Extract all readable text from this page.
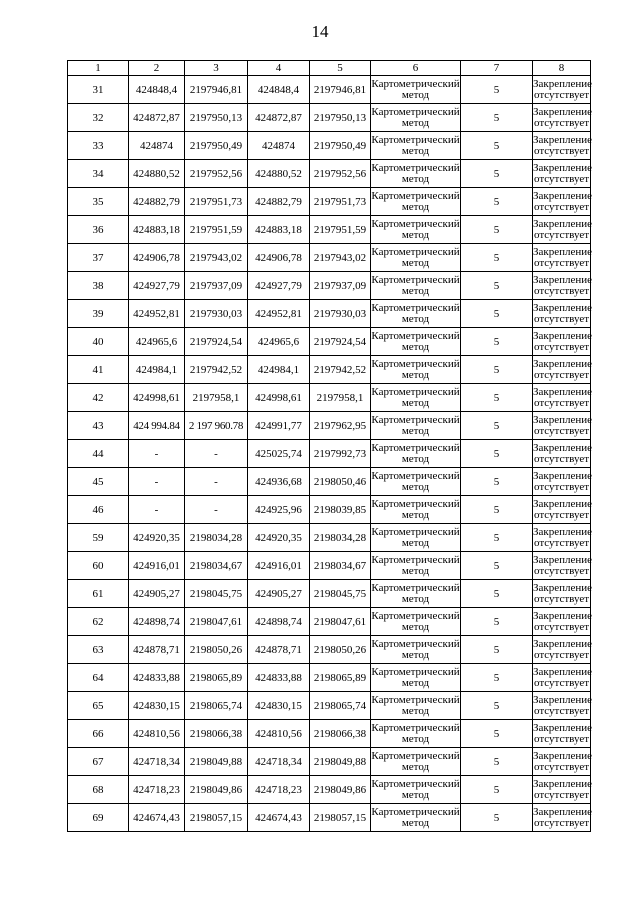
14
1	2	3	4	5	6	7	8
31	424848,4	2197946,81	424848,4	2197946,81	Картометрический метод	5	Закрепление отсутствует
32	424872,87	2197950,13	424872,87	2197950,13	Картометрический метод	5	Закрепление отсутствует
33	424874	2197950,49	424874	2197950,49	Картометрический метод	5	Закрепление отсутствует
34	424880,52	2197952,56	424880,52	2197952,56	Картометрический метод	5	Закрепление отсутствует
35	424882,79	2197951,73	424882,79	2197951,73	Картометрический метод	5	Закрепление отсутствует
36	424883,18	2197951,59	424883,18	2197951,59	Картометрический метод	5	Закрепление отсутствует
37	424906,78	2197943,02	424906,78	2197943,02	Картометрический метод	5	Закрепление отсутствует
38	424927,79	2197937,09	424927,79	2197937,09	Картометрический метод	5	Закрепление отсутствует
39	424952,81	2197930,03	424952,81	2197930,03	Картометрический метод	5	Закрепление отсутствует
40	424965,6	2197924,54	424965,6	2197924,54	Картометрический метод	5	Закрепление отсутствует
41	424984,1	2197942,52	424984,1	2197942,52	Картометрический метод	5	Закрепление отсутствует
42	424998,61	2197958,1	424998,61	2197958,1	Картометрический метод	5	Закрепление отсутствует
43	424 994.84	2 197 960.78	424991,77	2197962,95	Картометрический метод	5	Закрепление отсутствует
44	-	-	425025,74	2197992,73	Картометрический метод	5	Закрепление отсутствует
45	-	-	424936,68	2198050,46	Картометрический метод	5	Закрепление отсутствует
46	-	-	424925,96	2198039,85	Картометрический метод	5	Закрепление отсутствует
59	424920,35	2198034,28	424920,35	2198034,28	Картометрический метод	5	Закрепление отсутствует
60	424916,01	2198034,67	424916,01	2198034,67	Картометрический метод	5	Закрепление отсутствует
61	424905,27	2198045,75	424905,27	2198045,75	Картометрический метод	5	Закрепление отсутствует
62	424898,74	2198047,61	424898,74	2198047,61	Картометрический метод	5	Закрепление отсутствует
63	424878,71	2198050,26	424878,71	2198050,26	Картометрический метод	5	Закрепление отсутствует
64	424833,88	2198065,89	424833,88	2198065,89	Картометрический метод	5	Закрепление отсутствует
65	424830,15	2198065,74	424830,15	2198065,74	Картометрический метод	5	Закрепление отсутствует
66	424810,56	2198066,38	424810,56	2198066,38	Картометрический метод	5	Закрепление отсутствует
67	424718,34	2198049,88	424718,34	2198049,88	Картометрический метод	5	Закрепление отсутствует
68	424718,23	2198049,86	424718,23	2198049,86	Картометрический метод	5	Закрепление отсутствует
69	424674,43	2198057,15	424674,43	2198057,15	Картометрический метод	5	Закрепление отсутствует
